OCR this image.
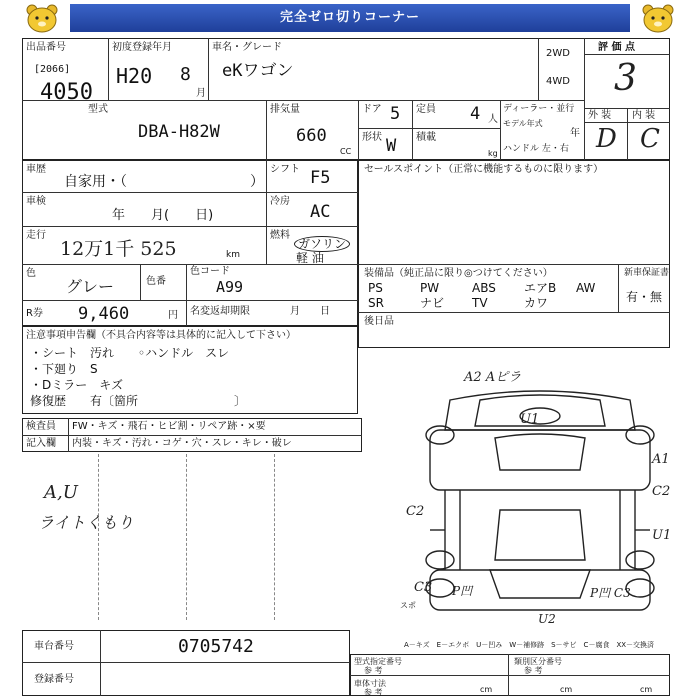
完全ゼロ切りコーナー
出品番号
[2066]
4050
初度登録年月
H20 8
月
車名・グレード
eKワゴン
2WD
4WD
評 価 点
3
外 装 内 装
D C
型式
DBA-H82W
排気量
660
CC
ドア 5 定員 4 人
形状 W 積載
kg
ディーラー・並行
モデル年式
年
ハンドル 左・右
車歴
自家用・（	）
シフト F5
車検
年　　月(　　日)
冷房
AC
走行
12万1千 525	km
燃料
ガソリン
軽 油
色
グレー	色番
色コード
A99
R券 9,460	円 名変返却期限	月　　日
セールスポイント（正常に機能するものに限ります）
装備品（純正品に限り◎つけてください）	新車保証書
有・無
PS	PW	ABS エアB AW
SR	ナビ TV	カワ
後日品
注意事項申告欄（不具合内容等は具体的に記入して下さい）
・シート　汚れ　　◦ハンドル　スレ
・下廻り　S
・Dミラー　キズ
修復歴　　有〔箇所　　　　　　　　〕
検査員
記入欄
FW・キズ・飛石・ヒビ割・リペア跡・×要
内装・キズ・汚れ・コゲ・穴・スレ・キレ・破レ
A,U
ライトくもり
A2 Aピラ
U1
A1
C2
U1
C2
C3 P凹	P凹 C3
U2
スポ
車台番号	0705742
登録番号
A－キズ　E－エクボ　U－凹み　W－補修跡　S－サビ　C－腐食　XX－交換済
型式指定番号
参 考
類別区分番号
参 考
車体寸法
参 考	cm	cm	cm
